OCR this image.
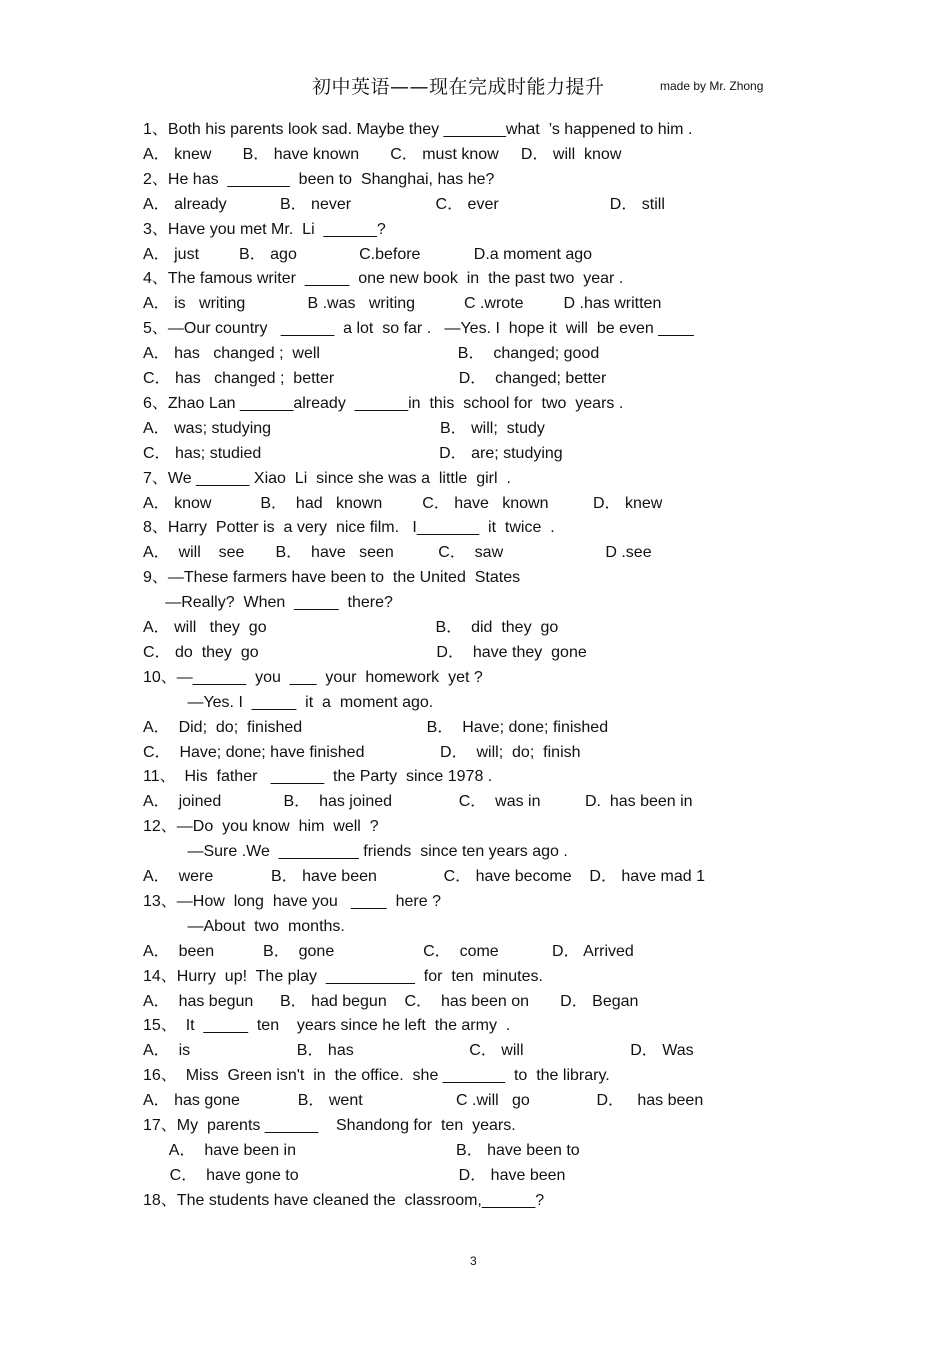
初中英语——现在完成时能力提升	made by Mr. Zhong
1、Both his parents look sad. Maybe they _______what  ’s happened to him .
A． knew       B． have known       C． must know     D． will  know
2、He has  _______  been to  Shanghai, has he?
A． already            B． never                   C． ever                         D． still
3、Have you met Mr.  Li  ______?
A． just         B． ago              C.before            D.a moment ago
4、The famous writer  _____  one new book  in  the past two  year .
A． is   writing              B .was   writing           C .wrote         D .has written
5、—Our country   ______  a lot  so far .   —Yes. I  hope it  will  be even ____
A． has   changed ;  well                               B．  changed; good
C． has   changed ;  better                            D．  changed; better
6、Zhao Lan ______already  ______in  this  school for  two  years .
A． was; studying                                      B． will;  study
C． has; studied                                        D． are; studying
7、We ______ Xiao  Li  since she was a  little  girl  .
A． know           B．  had   known         C． have   known          D． knew
8、Harry  Potter is  a very  nice film.   I_______  it  twice  .
A．  will    see       B．  have   seen          C．  saw                       D .see
9、—These farmers have been to  the United  States
—Really?  When  _____  there?
A． will   they  go                                      B．  did  they  go
C． do  they  go                                        D．  have they  gone
10、—______  you  ___  your  homework  yet ?
—Yes. I  _____  it  a  moment ago.
A．  Did;  do;  finished                            B．  Have; done; finished
C．  Have; done; have finished                 D．  will;  do;  finish
11、  His  father   ______  the Party  since 1978 .
A．  joined              B．  has joined               C．  was in          D.  has been in
12、—Do  you know  him  well  ?
—Sure .We  _________ friends  since ten years ago .
A．  were             B． have been               C． have become    D． have mad 1
13、—How  long  have you   ____  here ?
—About  two  months.
A．  been           B．  gone                    C．  come            D． Arrived
14、Hurry  up!  The play  __________  for  ten  minutes.
A．  has begun      B． had begun    C．  has been on       D． Began
15、  It  _____  ten    years since he left  the army  .
A．  is                        B． has                          C． will                        D． Was
16、  Miss  Green isn't  in  the office.  she _______  to  the library.
A． has gone             B． went                     C .will   go               D．   has been
17、My  parents ______    Shandong for  ten  years.
A．  have been in                                    B． have been to
C．  have gone to                                    D． have been
18、The students have cleaned the  classroom,______?
3
